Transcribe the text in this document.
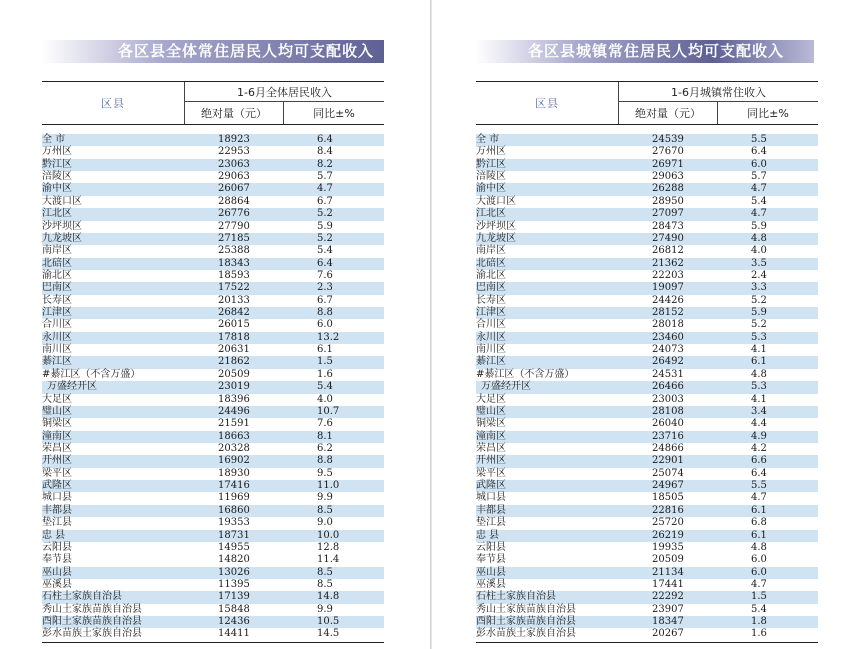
各区县全体常住居民人均可支配收入
区县
1-6月全体居民收入
绝对量（元）	同比±%
全 市	18923	6.4
万州区	22953	8.4
黔江区	23063	8.2
涪陵区	29063	5.7
渝中区	26067	4.7
大渡口区	28864	6.7
江北区	26776	5.2
沙坪坝区	27790	5.9
九龙坡区	27185	5.2
南岸区	25388	5.4
北碚区	18343	6.4
渝北区	18593	7.6
巴南区	17522	2.3
长寿区	20133	6.7
江津区	26842	8.8
合川区	26015	6.0
永川区	17818	13.2
南川区	20631	6.1
綦江区	21862	1.5
#綦江区（不含万盛）	20509	1.6
万盛经开区	23019	5.4
大足区	18396	4.0
璧山区	24496	10.7
铜梁区	21591	7.6
潼南区	18663	8.1
荣昌区	20328	6.2
开州区	16902	8.8
梁平区	18930	9.5
武隆区	17416	11.0
城口县	11969	9.9
丰都县	16860	8.5
垫江县	19353	9.0
忠 县	18731	10.0
云阳县	14955	12.8
奉节县	14820	11.4
巫山县	13026	8.5
巫溪县	11395	8.5
石柱土家族自治县	17139	14.8
秀山土家族苗族自治县	15848	9.9
酉阳土家族苗族自治县	12436	10.5
彭水苗族土家族自治县	14411	14.5
各区县城镇常住居民人均可支配收入
区县
1-6月城镇常住收入
绝对量（元）	同比±%
全 市	24539	5.5
万州区	27670	6.4
黔江区	26971	6.0
涪陵区	29063	5.7
渝中区	26288	4.7
大渡口区	28950	5.4
江北区	27097	4.7
沙坪坝区	28473	5.9
九龙坡区	27490	4.8
南岸区	26812	4.0
北碚区	21362	3.5
渝北区	22203	2.4
巴南区	19097	3.3
长寿区	24426	5.2
江津区	28152	5.9
合川区	28018	5.2
永川区	23460	5.3
南川区	24073	4.1
綦江区	26492	6.1
#綦江区（不含万盛）	24531	4.8
万盛经开区	26466	5.3
大足区	23003	4.1
璧山区	28108	3.4
铜梁区	26040	4.4
潼南区	23716	4.9
荣昌区	24866	4.2
开州区	22901	6.6
梁平区	25074	6.4
武隆区	24967	5.5
城口县	18505	4.7
丰都县	22816	6.1
垫江县	25720	6.8
忠 县	26219	6.1
云阳县	19935	4.8
奉节县	20509	6.0
巫山县	21134	6.0
巫溪县	17441	4.7
石柱土家族自治县	22292	1.5
秀山土家族苗族自治县	23907	5.4
酉阳土家族苗族自治县	18347	1.8
彭水苗族土家族自治县	20267	1.6
